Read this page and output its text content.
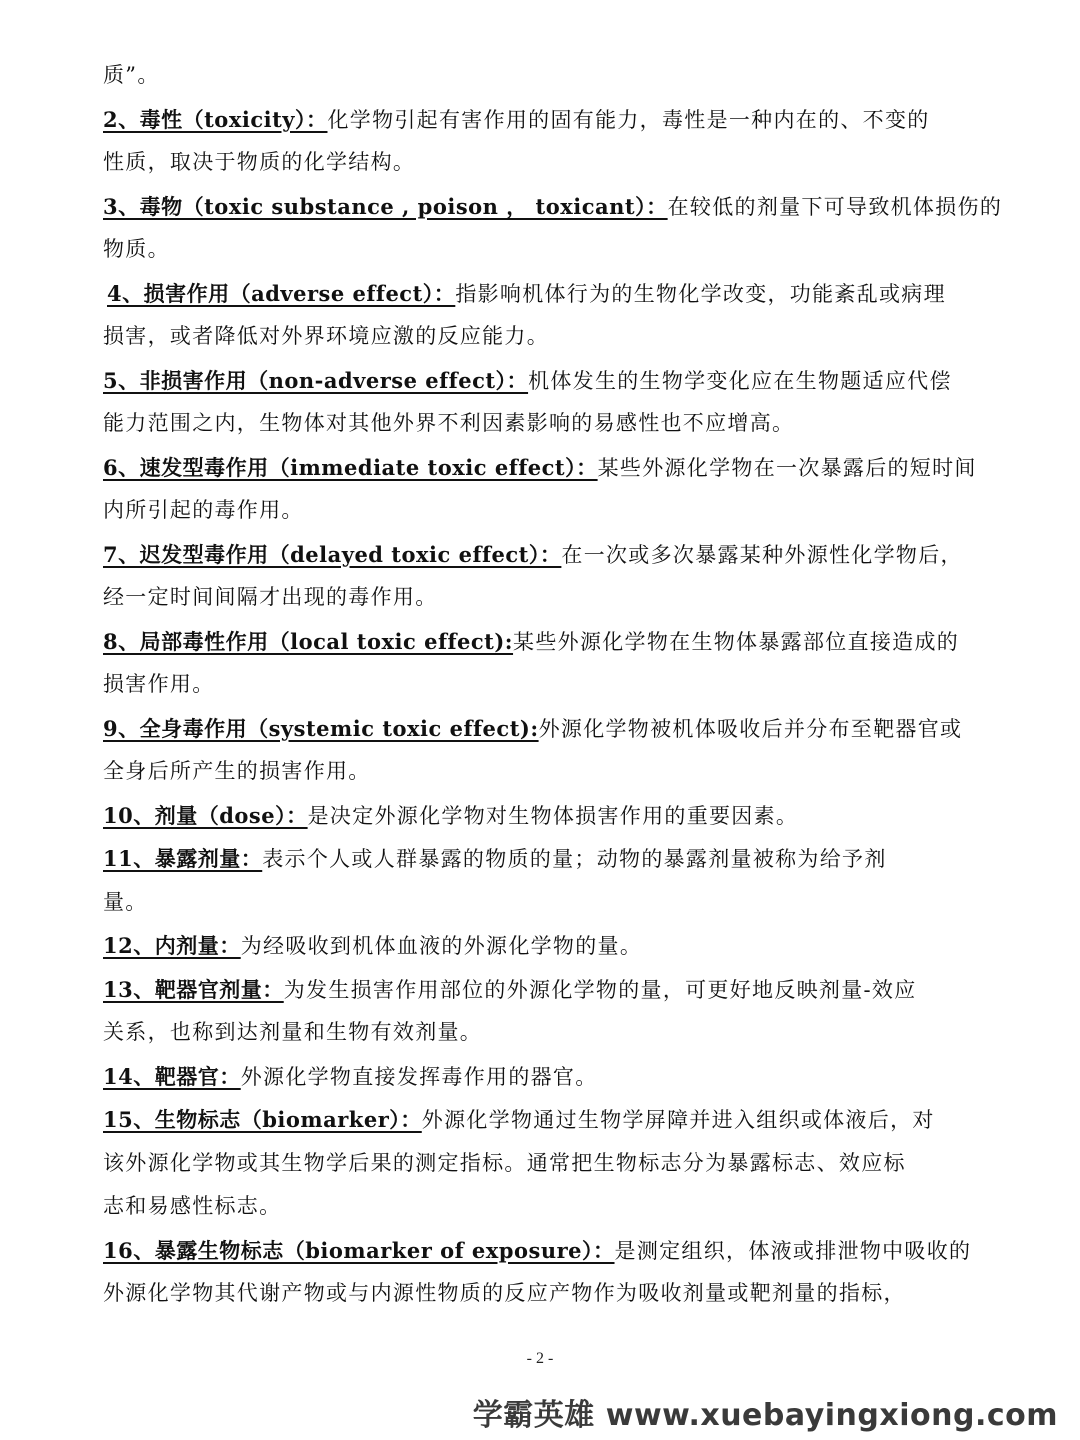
质”。
2、毒性（toxicity）：化学物引起有害作用的固有能力，毒性是一种内在的、不变的
性质，取决于物质的化学结构。
3、毒物（toxic substance , poison ， toxicant）：在较低的剂量下可导致机体损伤的
物质。
4、损害作用（adverse effect）：指影响机体行为的生物化学改变，功能紊乱或病理
损害，或者降低对外界环境应激的反应能力。
5、非损害作用（non-adverse effect）：机体发生的生物学变化应在生物题适应代偿
能力范围之内，生物体对其他外界不利因素影响的易感性也不应增高。
6、速发型毒作用（immediate toxic effect）：某些外源化学物在一次暴露后的短时间
内所引起的毒作用。
7、迟发型毒作用（delayed toxic effect）：在一次或多次暴露某种外源性化学物后，
经一定时间间隔才出现的毒作用。
8、局部毒性作用（local toxic effect):某些外源化学物在生物体暴露部位直接造成的
损害作用。
9、全身毒作用（systemic toxic effect):外源化学物被机体吸收后并分布至靶器官或
全身后所产生的损害作用。
10、剂量（dose）：是决定外源化学物对生物体损害作用的重要因素。
11、暴露剂量：表示个人或人群暴露的物质的量；动物的暴露剂量被称为给予剂
量。
12、内剂量：为经吸收到机体血液的外源化学物的量。
13、靶器官剂量：为发生损害作用部位的外源化学物的量，可更好地反映剂量-效应
关系，也称到达剂量和生物有效剂量。
14、靶器官：外源化学物直接发挥毒作用的器官。
15、生物标志（biomarker）：外源化学物通过生物学屏障并进入组织或体液后，对
该外源化学物或其生物学后果的测定指标。通常把生物标志分为暴露标志、效应标
志和易感性标志。
16、暴露生物标志（biomarker of exposure）：是测定组织，体液或排泄物中吸收的
外源化学物其代谢产物或与内源性物质的反应产物作为吸收剂量或靶剂量的指标，
- 2 -
学霸英雄 www.xuebayingxiong.com
